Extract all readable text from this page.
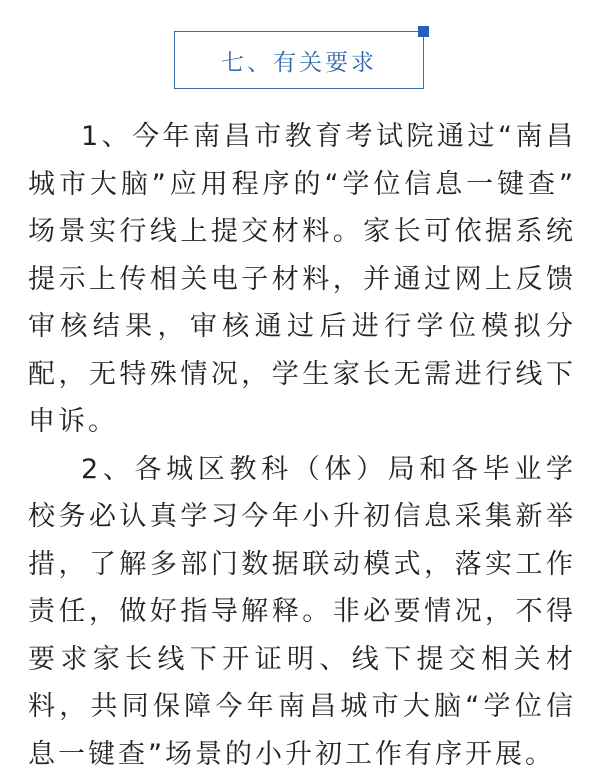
七、有关要求

1、今年南昌市教育考试院通过“南昌
城市大脑”应用程序的“学位信息一键查”
场景实行线上提交材料。家长可依据系统
提示上传相关电子材料，并通过网上反馈
审核结果，审核通过后进行学位模拟分
配，无特殊情况，学生家长无需进行线下
申诉。

2、各城区教科（体）局和各毕业学
校务必认真学习今年小升初信息采集新举
措，了解多部门数据联动模式，落实工作
责任，做好指导解释。非必要情况，不得
要求家长线下开证明、线下提交相关材
料，共同保障今年南昌城市大脑“学位信
息一键查”场景的小升初工作有序开展。
